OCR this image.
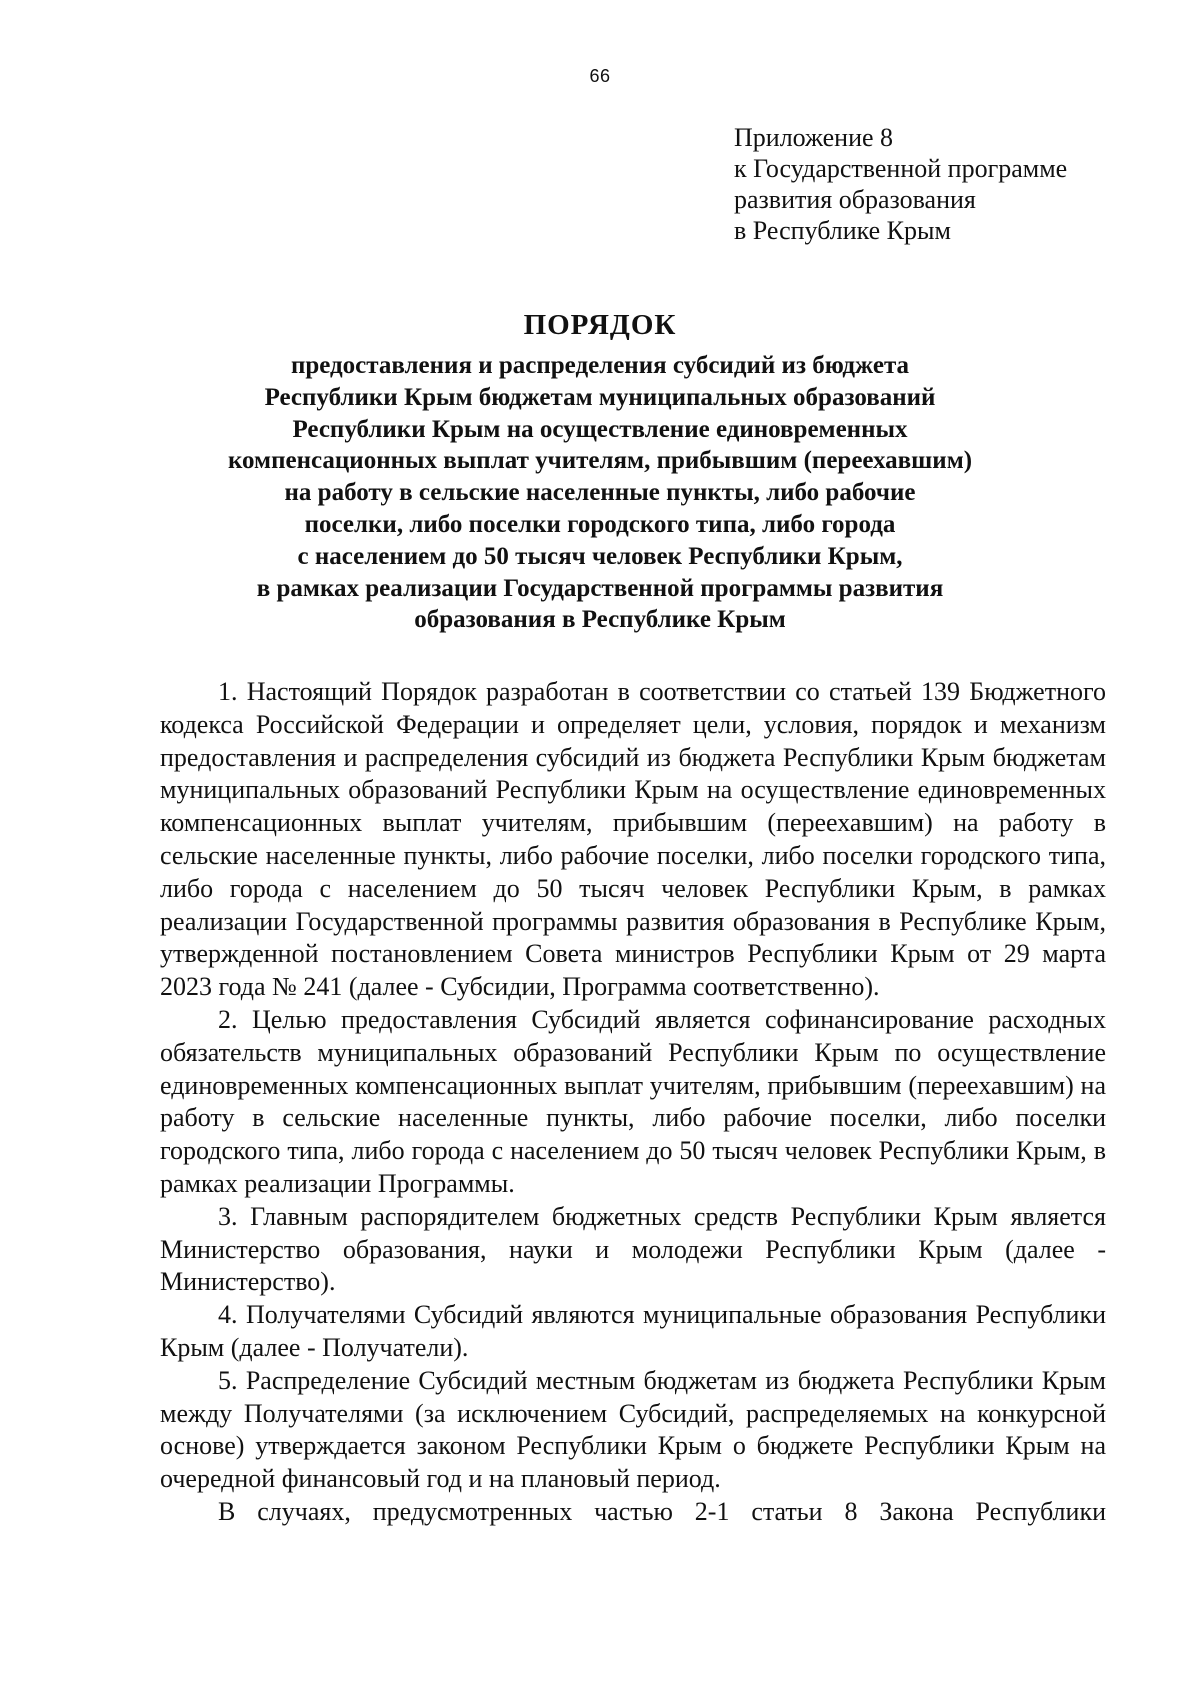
66
Приложение 8
к Государственной программе
развития образования
в Республике Крым
ПОРЯДОК
предоставления и распределения субсидий из бюджета
Республики Крым бюджетам муниципальных образований
Республики Крым на осуществление единовременных
компенсационных выплат учителям, прибывшим (переехавшим)
на работу в сельские населенные пункты, либо рабочие
поселки, либо поселки городского типа, либо города
с населением до 50 тысяч человек Республики Крым,
в рамках реализации Государственной программы развития
образования в Республике Крым

1. Настоящий Порядок разработан в соответствии со статьей 139 Бюджетного кодекса Российской Федерации и определяет цели, условия, порядок и механизм предоставления и распределения субсидий из бюджета Республики Крым бюджетам муниципальных образований Республики Крым на осуществление единовременных компенсационных выплат учителям, прибывшим (переехавшим) на работу в сельские населенные пункты, либо рабочие поселки, либо поселки городского типа, либо города с населением до 50 тысяч человек Республики Крым, в рамках реализации Государственной программы развития образования в Республике Крым, утвержденной постановлением Совета министров Республики Крым от 29 марта 2023 года № 241 (далее - Субсидии, Программа соответственно).

2. Целью предоставления Субсидий является софинансирование расходных обязательств муниципальных образований Республики Крым по осуществление единовременных компенсационных выплат учителям, прибывшим (переехавшим) на работу в сельские населенные пункты, либо рабочие поселки, либо поселки городского типа, либо города с населением до 50 тысяч человек Республики Крым, в рамках реализации Программы.

3. Главным распорядителем бюджетных средств Республики Крым является Министерство образования, науки и молодежи Республики Крым (далее - Министерство).

4. Получателями Субсидий являются муниципальные образования Республики Крым (далее - Получатели).

5. Распределение Субсидий местным бюджетам из бюджета Республики Крым между Получателями (за исключением Субсидий, распределяемых на конкурсной основе) утверждается законом Республики Крым о бюджете Республики Крым на очередной финансовый год и на плановый период.

В случаях, предусмотренных частью 2-1 статьи 8 Закона Республики
